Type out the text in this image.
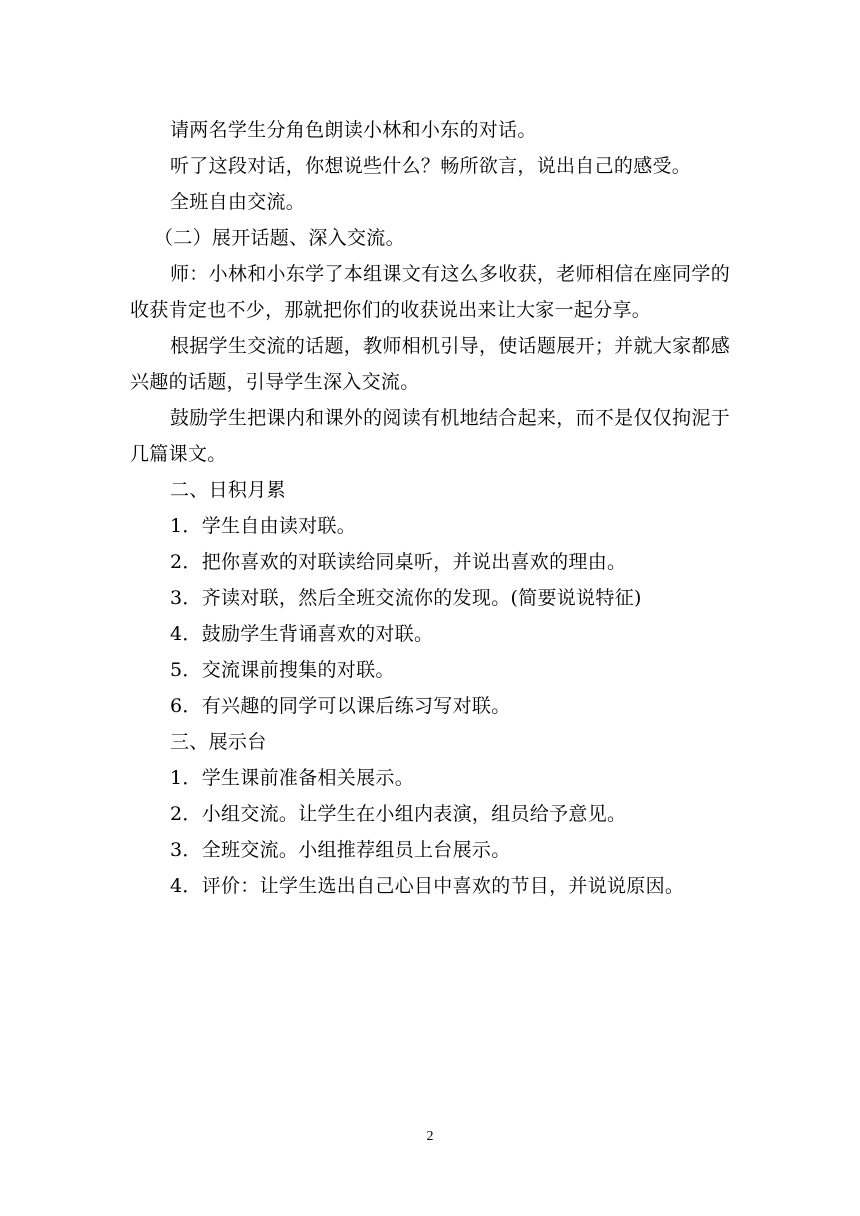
请两名学生分角色朗读小林和小东的对话。

听了这段对话，你想说些什么？畅所欲言，说出自己的感受。

全班自由交流。

（二）展开话题、深入交流。

师：小林和小东学了本组课文有这么多收获，老师相信在座同学的收获肯定也不少，那就把你们的收获说出来让大家一起分享。

根据学生交流的话题，教师相机引导，使话题展开；并就大家都感兴趣的话题，引导学生深入交流。

鼓励学生把课内和课外的阅读有机地结合起来，而不是仅仅拘泥于几篇课文。

二、日积月累

1．学生自由读对联。

2．把你喜欢的对联读给同桌听，并说出喜欢的理由。

3．齐读对联，然后全班交流你的发现。(简要说说特征)

4．鼓励学生背诵喜欢的对联。

5．交流课前搜集的对联。

6．有兴趣的同学可以课后练习写对联。

三、展示台

1．学生课前准备相关展示。

2．小组交流。让学生在小组内表演，组员给予意见。

3．全班交流。小组推荐组员上台展示。

4．评价：让学生选出自己心目中喜欢的节目，并说说原因。

2
